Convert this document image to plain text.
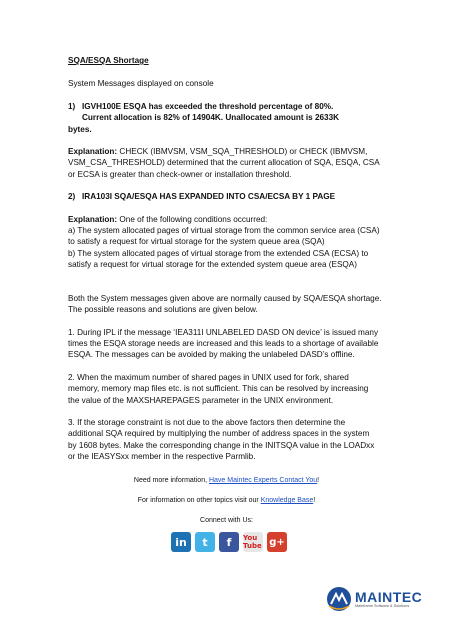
SQA/ESQA Shortage

System Messages displayed on console

1) IGVH100E ESQA has exceeded the threshold percentage of 80%.

Current allocation is 82% of 14904K. Unallocated amount is 2633K

bytes.

Explanation: CHECK (IBMVSM, VSM_SQA_THRESHOLD) or CHECK (IBMVSM,

VSM_CSA_THRESHOLD) determined that the current allocation of SQA, ESQA, CSA

or ECSA is greater than check-owner or installation threshold.

2) IRA103I SQA/ESQA HAS EXPANDED INTO CSA/ECSA BY 1 PAGE

Explanation: One of the following conditions occurred:

a) The system allocated pages of virtual storage from the common service area (CSA)

to satisfy a request for virtual storage for the system queue area (SQA)

b) The system allocated pages of virtual storage from the extended CSA (ECSA) to

satisfy a request for virtual storage for the extended system queue area (ESQA)

Both the System messages given above are normally caused by SQA/ESQA shortage.

The possible reasons and solutions are given below.

1. During IPL if the message ‘IEA311I UNLABELED DASD ON device’ is issued many

times the ESQA storage needs are increased and this leads to a shortage of available

ESQA. The messages can be avoided by making the unlabeled DASD’s offline.

2. When the maximum number of shared pages in UNIX used for fork, shared

memory, memory map files etc. is not sufficient. This can be resolved by increasing

the value of the MAXSHAREPAGES parameter in the UNIX environment.

3. If the storage constraint is not due to the above factors then determine the

additional SQA required by multiplying the number of address spaces in the system

by 1608 bytes. Make the corresponding change in the INITSQA value in the LOADxx

or the IEASYSxx member in the respective Parmlib.

Need more information, Have Maintec Experts Contact You!
For information on other topics visit our Knowledge Base!
Connect with Us:
in	t	f	You Tube g+
MAINTEC
Mainframe Software & Solutions
